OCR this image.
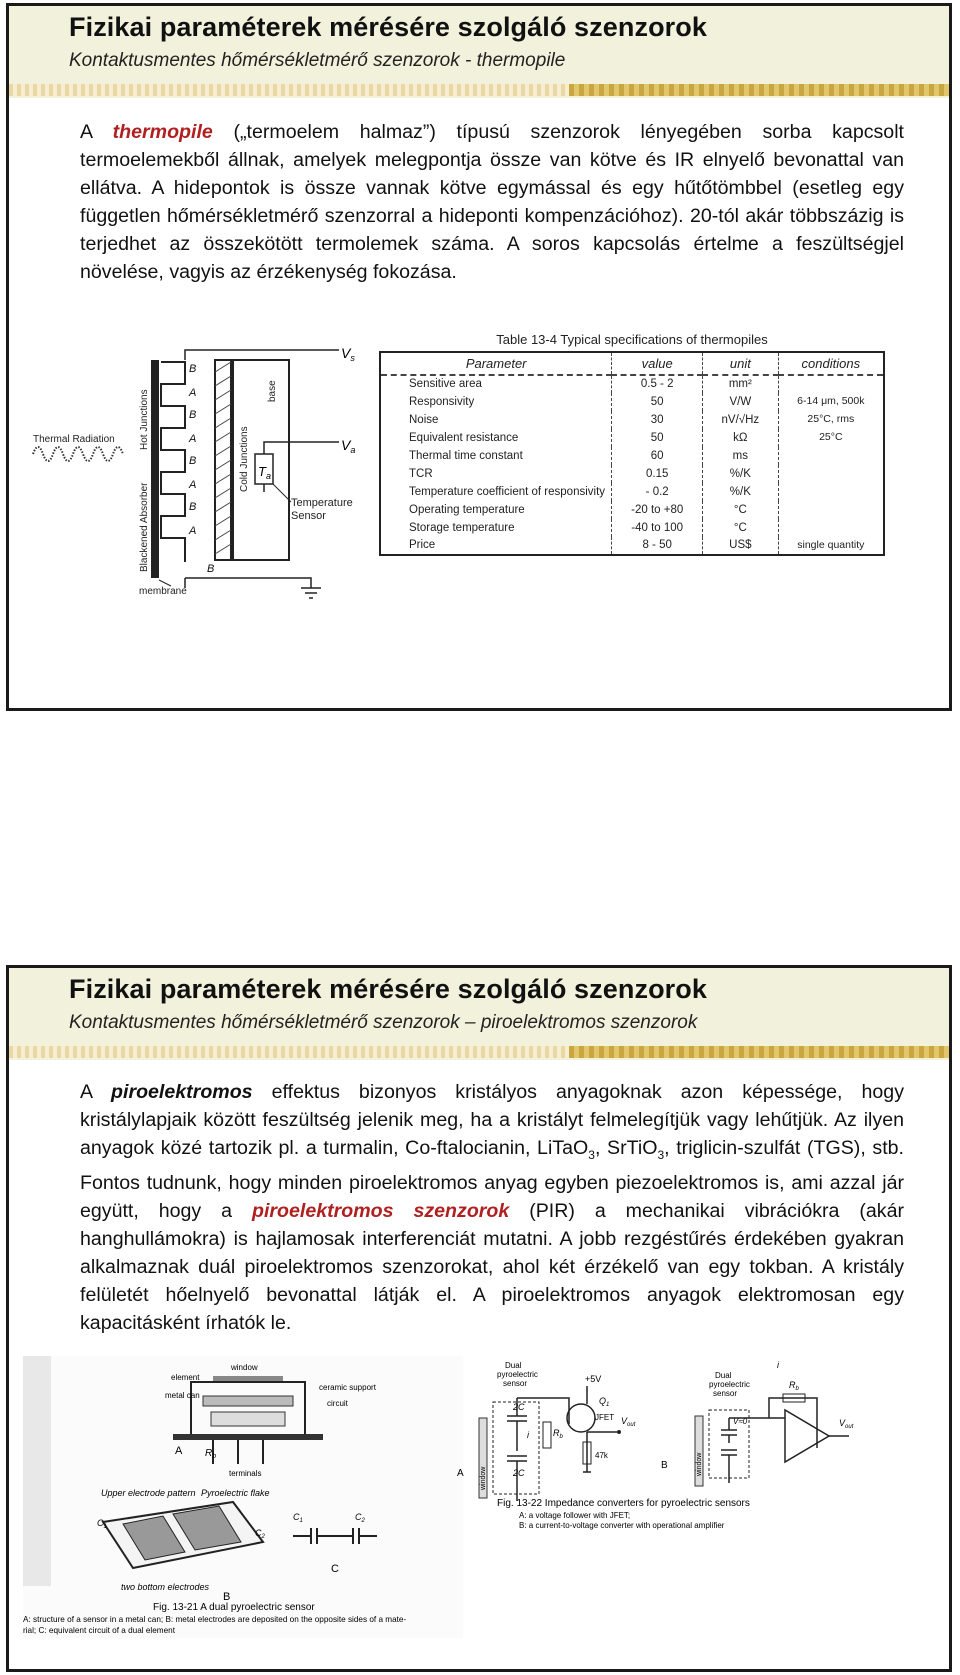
Fizikai paraméterek mérésére szolgáló szenzorok
Kontaktusmentes hőmérsékletmérő szenzorok - thermopile

A thermopile („termoelem halmaz”) típusú szenzorok lényegében sorba kapcsolt termoelemekből állnak, amelyek melegpontja össze van kötve és IR elnyelő bevonattal van ellátva. A hidepontok is össze vannak kötve egymással és egy hűtőtömbbel (esetleg egy független hőmérsékletmérő szenzorral a hideponti kompenzációhoz). 20-tól akár többszázig is terjedhet az összekötött termolemek száma. A soros kapcsolás értelme a feszültségjel növelése, vagyis az érzékenység fokozása.

Thermal Radiation
Blackened Absorber
Hot Junctions
B
A
B
A
B
A
B
A
B
Cold Junctions
base
$T_a$
$V_s$
$V_a$
Temperature
Sensor
membrane
Table 13-4 Typical specifications of thermopiles
Parameter	value	unit	conditions
Sensitive area	0.5 - 2	mm²	
Responsivity	50	V/W	6-14 μm, 500k
Noise	30	nV/√Hz	25°C, rms
Equivalent resistance	50	kΩ	25°C
Thermal time constant	60	ms	
TCR	0.15	%/K	
Temperature coefficient of responsivity	- 0.2	%/K	
Operating temperature	-20 to +80	°C	
Storage temperature	-40 to 100	°C	
Price	8 - 50	US$	single quantity
Fizikai paraméterek mérésére szolgáló szenzorok
Kontaktusmentes hőmérsékletmérő szenzorok – piroelektromos szenzorok

A piroelektromos effektus bizonyos kristályos anyagoknak azon képessége, hogy kristálylapjaik között feszültség jelenik meg, ha a kristályt felmelegítjük vagy lehűtjük. Az ilyen anyagok közé tartozik pl. a turmalin, Co-ftalocianin, LiTaO$_3$, SrTiO$_3$, triglicin-szulfát (TGS), stb. Fontos tudnunk, hogy minden piroelektromos anyag egyben piezoelektromos is, ami azzal jár együtt, hogy a piroelektromos szenzorok (PIR) a mechanikai vibrációkra (akár hanghullámokra) is hajlamosak interferenciát mutatni. A jobb rezgéstűrés érdekében gyakran alkalmaznak duál piroelektromos szenzorokat, ahol két érzékelő van egy tokban. A kristály felületét hőelnyelő bevonattal látják el. A piroelektromos anyagok elektromosan egy kapacitásként írhatók le.

window
element
metal can
ceramic support
circuit
terminals
$R_b$
A
Upper electrode pattern Pyroelectric flake
$C_1$
$C_2$
two bottom electrodes
B
$C_1$	$C_2$
C
Fig. 13-21 A dual pyroelectric sensor
A: structure of a sensor in a metal can; B: metal electrodes are deposited on the opposite sides of a mate-
rial; C: equivalent circuit of a dual element
Dual
pyroelectric
sensor
window
2C
2C
$R_b$
i
+5V
47k
$Q_1$
JFET $V_{out}$
A
Dual
pyroelectric
sensor
window
V≈0
$R_b$
i
$V_{out}$
B
Fig. 13-22 Impedance converters for pyroelectric sensors
A: a voltage follower with JFET;
B: a current-to-voltage converter with operational amplifier
